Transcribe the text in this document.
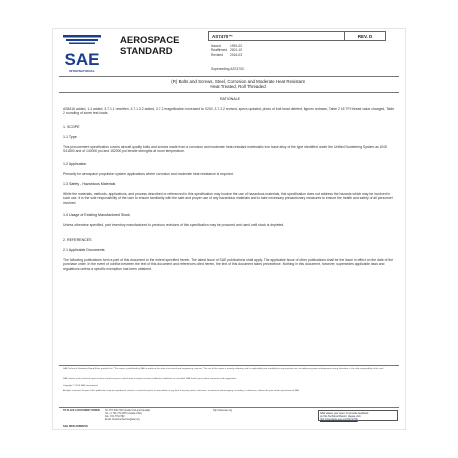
SAE
INTERNATIONAL
AEROSPACE
STANDARD
AS7470™	REV. D
Issued	1991-02
Reaffirmed 2001-10
Revised	2016-03
Superseding AS7470C
(R) Bolts and Screws, Steel, Corrosion and Moderate Heat Resistant
Heat Treated, Roll Threaded
RATIONALE
AS8416 added, 1.4 added, 3.7.1.1 rewritten, 3.7.1.3.2 added, 3.7.2 magnification increased to X200, 3.7.2.2 revised, specs updated, photo of bolt head deleted, figures redrawn, Table 2 16 TPI thread value changed, Table 2 rounding of some test loads.
1. SCOPE
1.1 Type
This procurement specification covers aircraft quality bolts and screws made from a corrosion and moderate heat-resistant martensitic iron base alloy of the type identified under the Unified Numbering System as UNS S41800 and of 140000 psi and 152000 psi tensile strengths at room temperature.
1.2 Application
Primarily for aerospace propulsion system applications where corrosion and moderate heat resistance is required.
1.3 Safety - Hazardous Materials
While the materials, methods, applications, and process described or referenced in this specification may involve the use of hazardous materials, this specification does not address the hazards which may be involved in such use. It is the sole responsibility of the user to ensure familiarity with the safe and proper use of any hazardous materials and to take necessary precautionary measures to ensure the health and safety of all personnel involved.
1.4 Usage of Existing Manufactured Stock
Unless otherwise specified, part inventory manufactured to previous revisions of this specification may be procured and used until stock is depleted.
2. REFERENCES
2.1 Applicable Documents
The following publications form a part of this document to the extent specified herein. The latest issue of SAE publications shall apply. The applicable issue of other publications shall be the issue in effect on the date of the purchase order. In the event of conflict between the text of this document and references cited herein, the text of this document takes precedence. Nothing in this document, however, supersedes applicable laws and regulations unless a specific exemption has been obtained.
SAE Technical Standards Board Rules provide that: "This report is published by SAE to advance the state of technical and engineering sciences. The use of this report is entirely voluntary, and its applicability and suitability for any particular use, including any patent infringement arising therefrom, is the sole responsibility of the user."
SAE reviews each technical report at least every five years at which time it may be revised, reaffirmed, stabilized, or cancelled. SAE invites your written comments and suggestions.
Copyright © 2016 SAE International
All rights reserved. No part of this publication may be reproduced, stored in a retrieval system or transmitted, in any form or by any means, electronic, mechanical, photocopying, recording, or otherwise, without the prior written permission of SAE.
TO PLACE A DOCUMENT ORDER: Tel: 877-606-7323 (inside USA and Canada)
Tel: +1 724-776-4970 (outside USA)
Fax: 724-776-0790
Email: CustomerService@sae.org
http://www.sae.org
SAE values your input. To provide feedback
on this Technical Report, please visit
http://standards.sae.org/AS7470D
SAE WEB ADDRESS:
